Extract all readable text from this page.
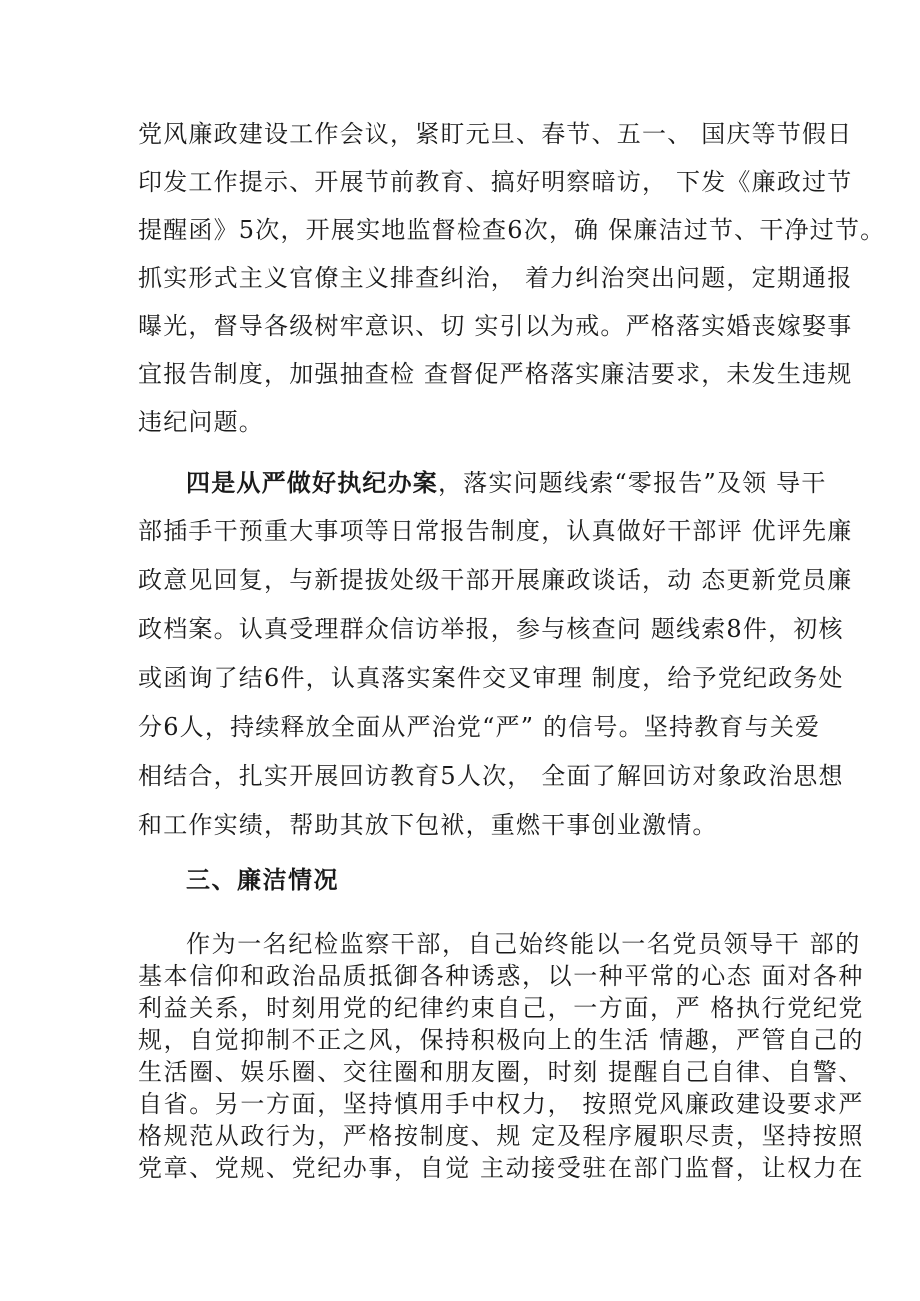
党风廉政建设工作会议，紧盯元旦、春节、五一、 国庆等节假日
印发工作提示、开展节前教育、搞好明察暗访， 下发《廉政过节
提醒函》5次，开展实地监督检查6次，确 保廉洁过节、干净过节。
抓实形式主义官僚主义排查纠治， 着力纠治突出问题，定期通报
曝光，督导各级树牢意识、切 实引以为戒。严格落实婚丧嫁娶事
宜报告制度，加强抽查检 查督促严格落实廉洁要求，未发生违规
违纪问题。
四是从严做好执纪办案，落实问题线索“零报告”及领 导干
部插手干预重大事项等日常报告制度，认真做好干部评 优评先廉
政意见回复，与新提拔处级干部开展廉政谈话，动 态更新党员廉
政档案。认真受理群众信访举报，参与核查问 题线索8件，初核
或函询了结6件，认真落实案件交叉审理 制度，给予党纪政务处
分6人，持续释放全面从严治党“严” 的信号。坚持教育与关爱
相结合，扎实开展回访教育5人次， 全面了解回访对象政治思想
和工作实绩，帮助其放下包袱，重燃干事创业激情。
三、廉洁情况
作为一名纪检监察干部，自己始终能以一名党员领导干 部的
基本信仰和政治品质抵御各种诱惑，以一种平常的心态 面对各种
利益关系，时刻用党的纪律约束自己，一方面，严 格执行党纪党
规，自觉抑制不正之风，保持积极向上的生活 情趣，严管自己的
生活圈、娱乐圈、交往圈和朋友圈，时刻 提醒自己自律、自警、
自省。另一方面，坚持慎用手中权力， 按照党风廉政建设要求严
格规范从政行为，严格按制度、规 定及程序履职尽责，坚持按照
党章、党规、党纪办事，自觉 主动接受驻在部门监督，让权力在
